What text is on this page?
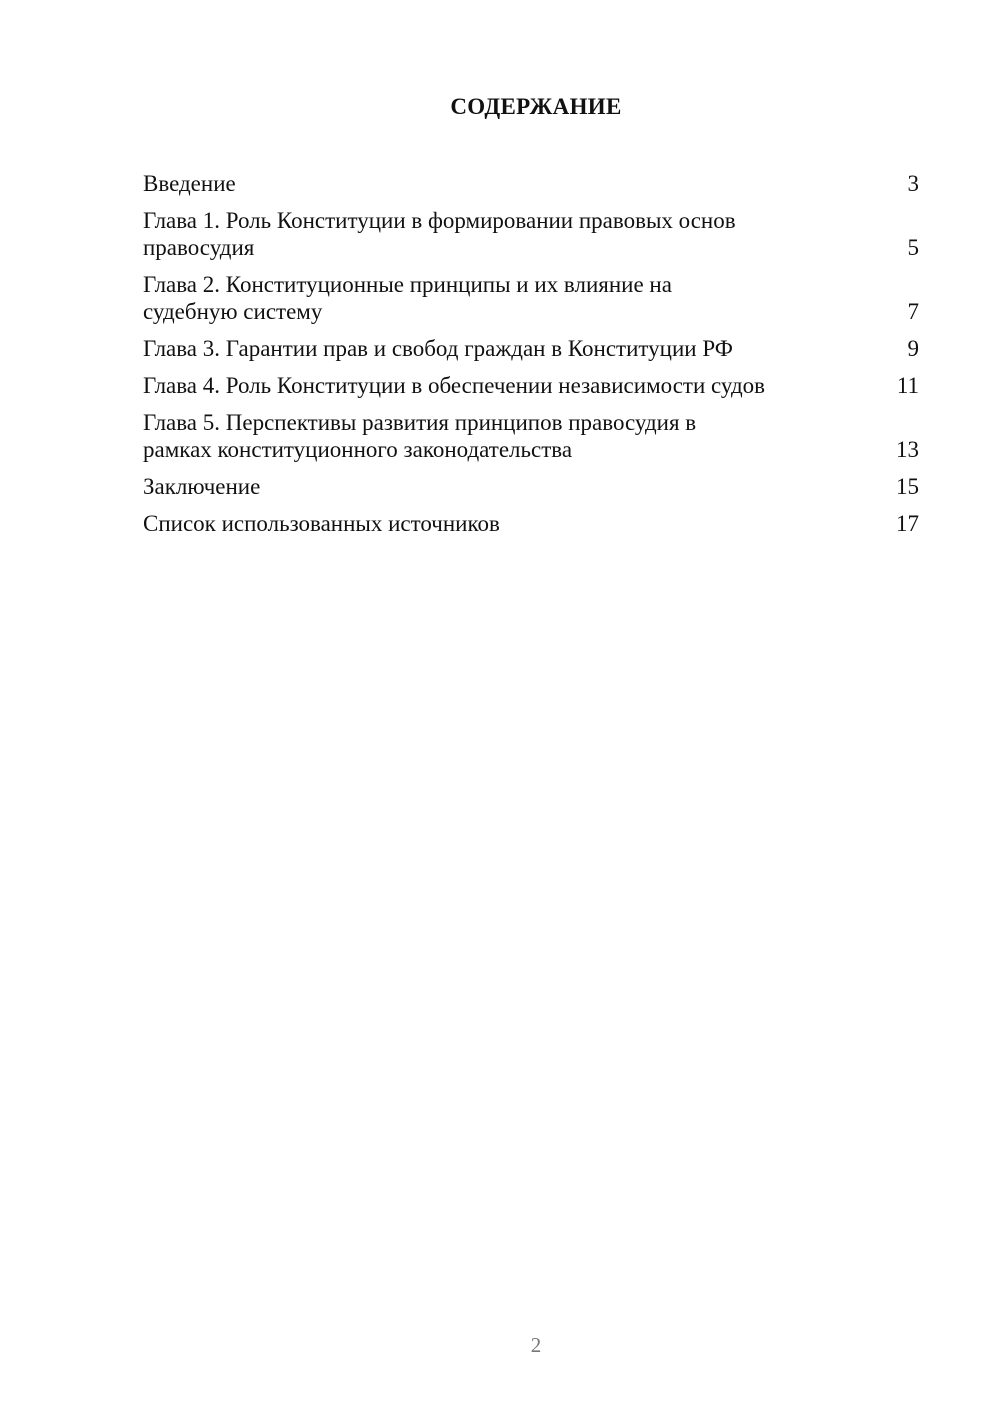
СОДЕРЖАНИЕ
Введение	3
Глава 1. Роль Конституции в формировании правовых основ правосудия	5
Глава 2. Конституционные принципы и их влияние на судебную систему	7
Глава 3. Гарантии прав и свобод граждан в Конституции РФ	9
Глава 4. Роль Конституции в обеспечении независимости судов	11
Глава 5. Перспективы развития принципов правосудия в рамках конституционного законодательства	13
Заключение	15
Список использованных источников	17
2
